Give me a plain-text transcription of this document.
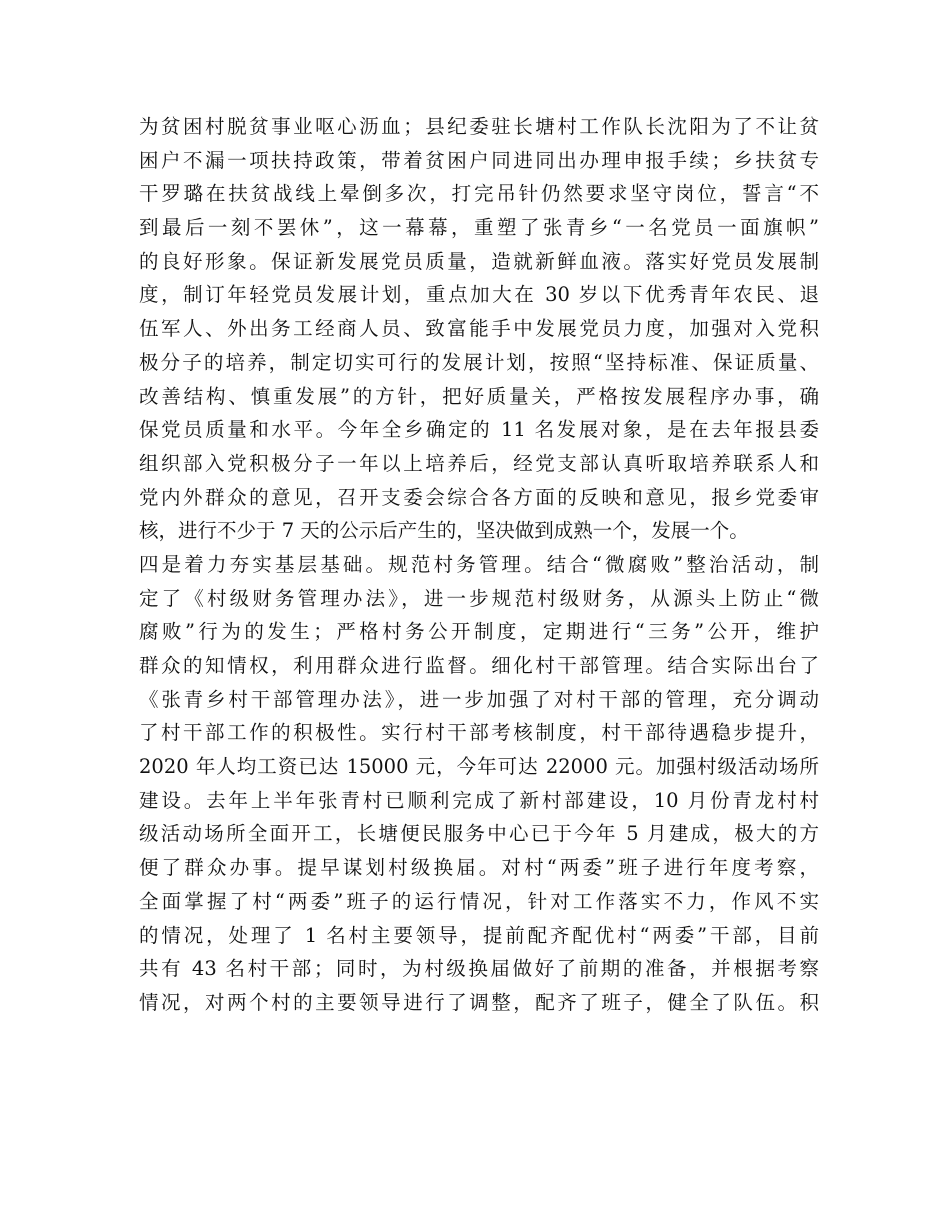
为贫困村脱贫事业呕心沥血；县纪委驻长塘村工作队长沈阳为了不让贫
困户不漏一项扶持政策，带着贫困户同进同出办理申报手续；乡扶贫专
干罗璐在扶贫战线上晕倒多次，打完吊针仍然要求坚守岗位，誓言“不
到最后一刻不罢休”，这一幕幕，重塑了张青乡“一名党员一面旗帜”
的良好形象。保证新发展党员质量，造就新鲜血液。落实好党员发展制
度，制订年轻党员发展计划，重点加大在 30 岁以下优秀青年农民、退
伍军人、外出务工经商人员、致富能手中发展党员力度，加强对入党积
极分子的培养，制定切实可行的发展计划，按照“坚持标准、保证质量、
改善结构、慎重发展”的方针，把好质量关，严格按发展程序办事，确
保党员质量和水平。今年全乡确定的 11 名发展对象，是在去年报县委
组织部入党积极分子一年以上培养后，经党支部认真听取培养联系人和
党内外群众的意见，召开支委会综合各方面的反映和意见，报乡党委审
核，进行不少于 7 天的公示后产生的，坚决做到成熟一个，发展一个。
四是着力夯实基层基础。规范村务管理。结合“微腐败”整治活动，制
定了《村级财务管理办法》，进一步规范村级财务，从源头上防止“微
腐败”行为的发生；严格村务公开制度，定期进行“三务”公开，维护
群众的知情权，利用群众进行监督。细化村干部管理。结合实际出台了
《张青乡村干部管理办法》，进一步加强了对村干部的管理，充分调动
了村干部工作的积极性。实行村干部考核制度，村干部待遇稳步提升，
2020 年人均工资已达 15000 元，今年可达 22000 元。加强村级活动场所
建设。去年上半年张青村已顺利完成了新村部建设，10 月份青龙村村
级活动场所全面开工，长塘便民服务中心已于今年 5 月建成，极大的方
便了群众办事。提早谋划村级换届。对村“两委”班子进行年度考察，
全面掌握了村“两委”班子的运行情况，针对工作落实不力，作风不实
的情况，处理了 1 名村主要领导，提前配齐配优村“两委”干部，目前
共有 43 名村干部；同时，为村级换届做好了前期的准备，并根据考察
情况，对两个村的主要领导进行了调整，配齐了班子，健全了队伍。积
